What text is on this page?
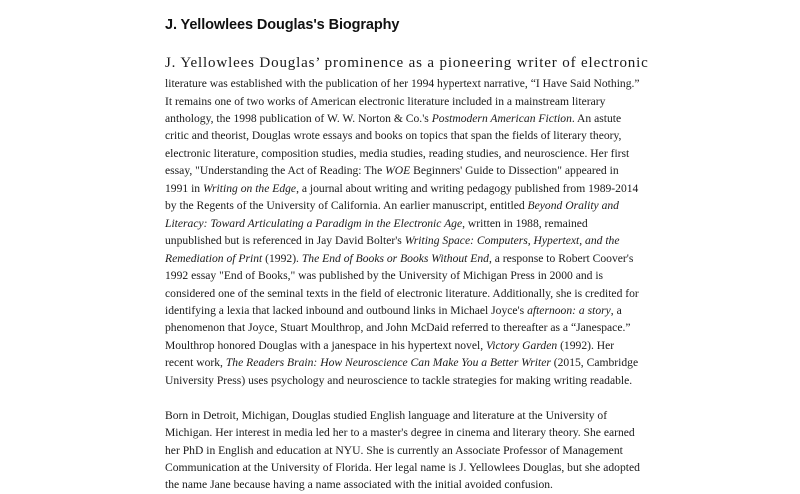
J. Yellowlees Douglas's Biography

J. Yellowlees Douglas’ prominence as a pioneering writer of electronic

literature was established with the publication of her 1994 hypertext narrative, “I Have Said Nothing.” It remains one of two works of American electronic literature included in a mainstream literary anthology, the 1998 publication of W. W. Norton & Co.'s Postmodern American Fiction. An astute critic and theorist, Douglas wrote essays and books on topics that span the fields of literary theory, electronic literature, composition studies, media studies, reading studies, and neuroscience. Her first essay, "Understanding the Act of Reading: The WOE Beginners' Guide to Dissection" appeared in 1991 in Writing on the Edge, a journal about writing and writing pedagogy published from 1989-2014 by the Regents of the University of California. An earlier manuscript, entitled Beyond Orality and Literacy: Toward Articulating a Paradigm in the Electronic Age, written in 1988, remained unpublished but is referenced in Jay David Bolter's Writing Space: Computers, Hypertext, and the Remediation of Print (1992). The End of Books or Books Without End, a response to Robert Coover's 1992 essay "End of Books," was published by the University of Michigan Press in 2000 and is considered one of the seminal texts in the field of electronic literature. Additionally, she is credited for identifying a lexia that lacked inbound and outbound links in Michael Joyce's afternoon: a story, a phenomenon that Joyce, Stuart Moulthrop, and John McDaid referred to thereafter as a “Janespace.” Moulthrop honored Douglas with a janespace in his hypertext novel, Victory Garden (1992). Her recent work, The Readers Brain: How Neuroscience Can Make You a Better Writer (2015, Cambridge University Press) uses psychology and neuroscience to tackle strategies for making writing readable.

Born in Detroit, Michigan, Douglas studied English language and literature at the University of Michigan. Her interest in media led her to a master's degree in cinema and literary theory. She earned her PhD in English and education at NYU. She is currently an Associate Professor of Management Communication at the University of Florida. Her legal name is J. Yellowlees Douglas, but she adopted the name Jane because having a name associated with the initial avoided confusion.
